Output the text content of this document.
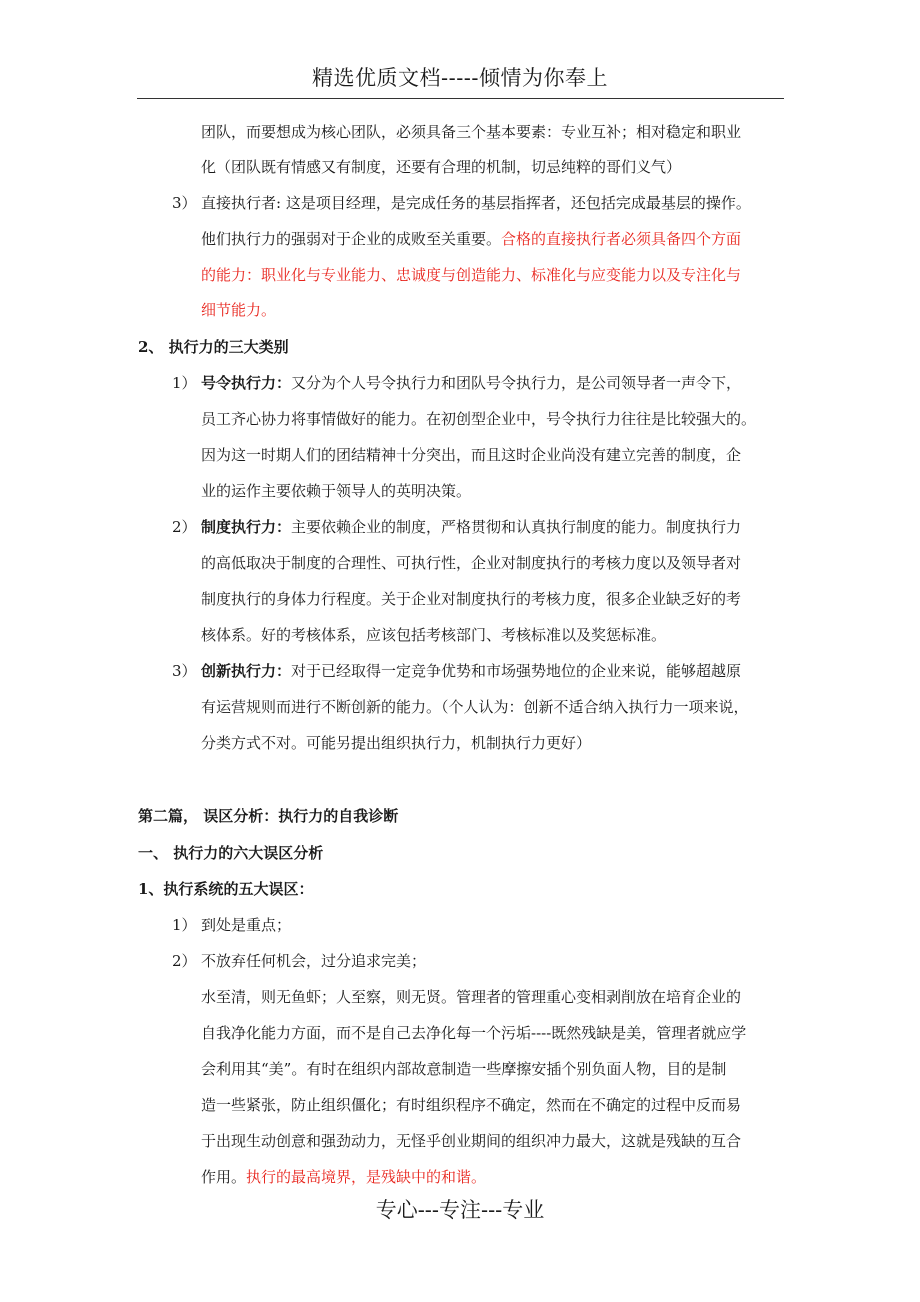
精选优质文档-----倾情为你奉上
团队，而要想成为核心团队，必须具备三个基本要素：专业互补；相对稳定和职业
化（团队既有情感又有制度，还要有合理的机制，切忌纯粹的哥们义气）
3） 直接执行者: 这是项目经理，是完成任务的基层指挥者，还包括完成最基层的操作。
他们执行力的强弱对于企业的成败至关重要。合格的直接执行者必须具备四个方面
的能力：职业化与专业能力、忠诚度与创造能力、标准化与应变能力以及专注化与
细节能力。
2、 执行力的三大类别
1） 号令执行力：又分为个人号令执行力和团队号令执行力，是公司领导者一声令下，
员工齐心协力将事情做好的能力。在初创型企业中，号令执行力往往是比较强大的。
因为这一时期人们的团结精神十分突出，而且这时企业尚没有建立完善的制度，企
业的运作主要依赖于领导人的英明决策。
2） 制度执行力：主要依赖企业的制度，严格贯彻和认真执行制度的能力。制度执行力
的高低取决于制度的合理性、可执行性，企业对制度执行的考核力度以及领导者对
制度执行的身体力行程度。关于企业对制度执行的考核力度，很多企业缺乏好的考
核体系。好的考核体系，应该包括考核部门、考核标准以及奖惩标准。
3） 创新执行力：对于已经取得一定竞争优势和市场强势地位的企业来说，能够超越原
有运营规则而进行不断创新的能力。（个人认为：创新不适合纳入执行力一项来说，
分类方式不对。可能另提出组织执行力，机制执行力更好）
第二篇， 误区分析：执行力的自我诊断
一、 执行力的六大误区分析
1、执行系统的五大误区：
1） 到处是重点；
2） 不放弃任何机会，过分追求完美；
水至清，则无鱼虾；人至察，则无贤。管理者的管理重心变相剥削放在培育企业的
自我净化能力方面，而不是自己去净化每一个污垢----既然残缺是美，管理者就应学
会利用其“美”。有时在组织内部故意制造一些摩擦安插个别负面人物，目的是制
造一些紧张，防止组织僵化；有时组织程序不确定，然而在不确定的过程中反而易
于出现生动创意和强劲动力，无怪乎创业期间的组织冲力最大，这就是残缺的互合
作用。执行的最高境界，是残缺中的和谐。
专心---专注---专业
